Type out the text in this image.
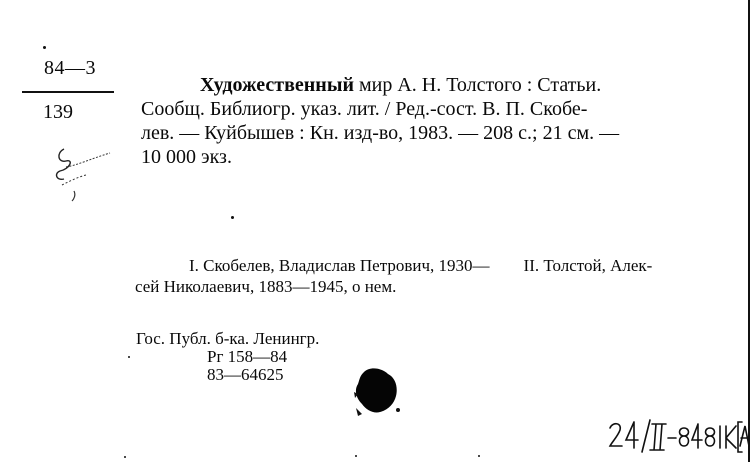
84—3
139
Художественный мир А. Н. Толстого : Статьи.
Сообщ. Библиогр. указ. лит. / Ред.-сост. В. П. Скобе-
лев. — Куйбышев : Кн. изд-во, 1983. — 208 с.; 21 см. —
10 000 экз.
I. Скобелев, Владислав Петрович, 1930— II. Толстой, Алек-
сей Николаевич, 1883—1945, о нем.
Гос. Публ. б-ка. Ленингр.
Рг 158—84
83—64625
